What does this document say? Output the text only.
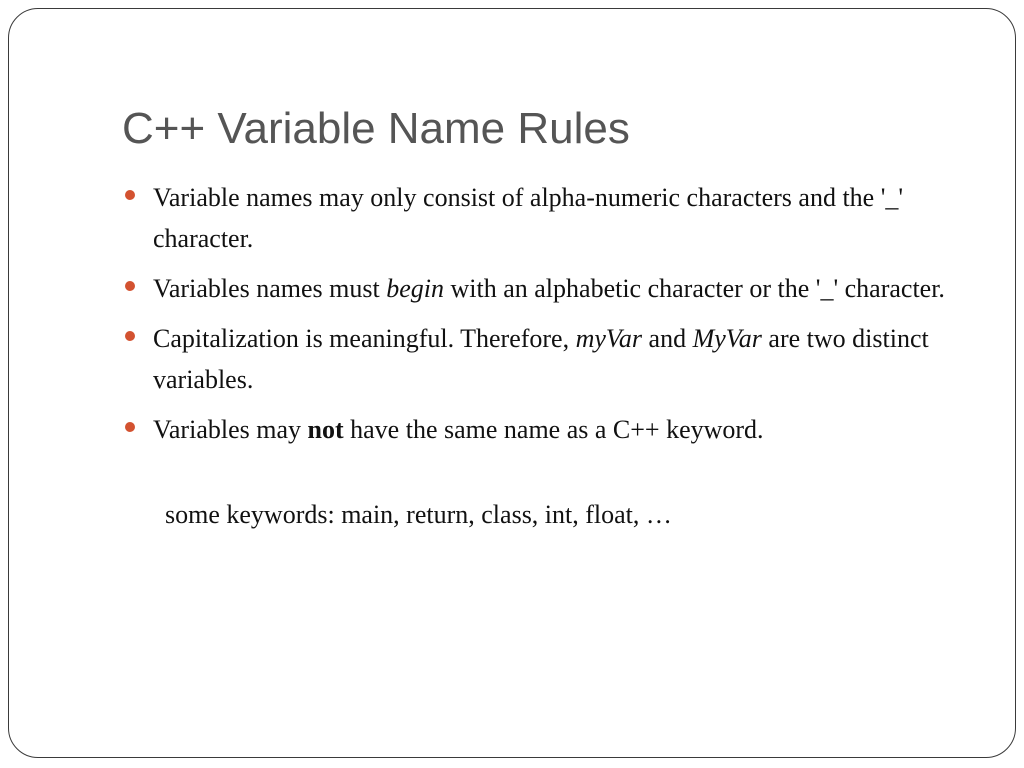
C++ Variable Name Rules
Variable names may only consist of alpha-numeric characters and the '_' character.
Variables names must begin with an alphabetic character or the '_' character.
Capitalization is meaningful. Therefore, myVar and MyVar are two distinct variables.
Variables may not have the same name as a C++ keyword.

some keywords: main, return, class, int, float, …
